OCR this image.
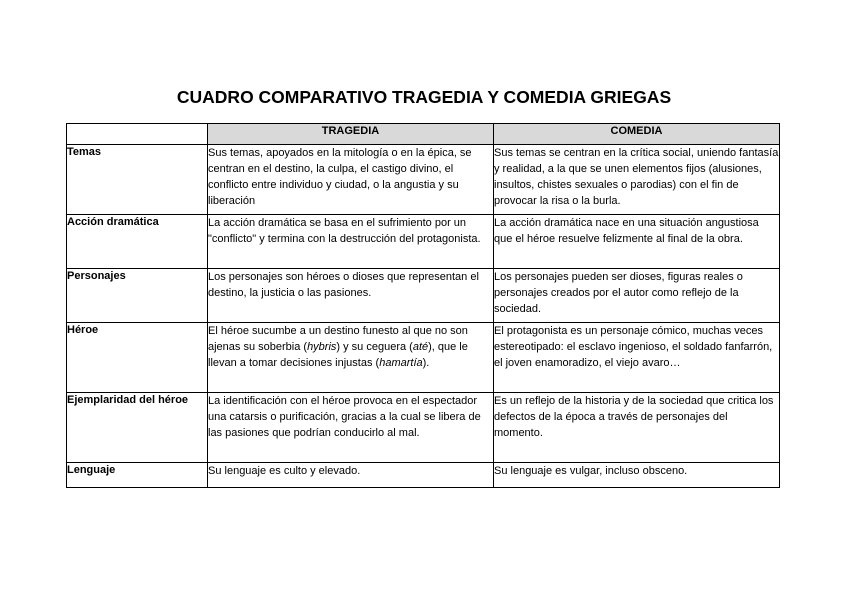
CUADRO COMPARATIVO TRAGEDIA Y COMEDIA GRIEGAS
	TRAGEDIA	COMEDIA
Temas	Sus temas, apoyados en la mitología o en la épica, se centran en el destino, la culpa, el castigo divino, el conflicto entre individuo y ciudad, o la angustia y su liberación	Sus temas se centran en la crítica social, uniendo fantasía y realidad, a la que se unen elementos fijos (alusiones, insultos, chistes sexuales o parodias) con el fin de provocar la risa o la burla.
Acción dramática	La acción dramática se basa en el sufrimiento por un "conflicto" y termina con la destrucción del protagonista.	La acción dramática nace en una situación angustiosa que el héroe resuelve felizmente al final de la obra.
Personajes	Los personajes son héroes o dioses que representan el destino, la justicia o las pasiones.	Los personajes pueden ser dioses, figuras reales o personajes creados por el autor como reflejo de la sociedad.
Héroe	El héroe sucumbe a un destino funesto al que no son ajenas su soberbia (hybris) y su ceguera (até), que le llevan a tomar decisiones injustas (hamartía).	El protagonista es un personaje cómico, muchas veces estereotipado: el esclavo ingenioso, el soldado fanfarrón, el joven enamoradizo, el viejo avaro…
Ejemplaridad del héroe	La identificación con el héroe provoca en el espectador una catarsis o purificación, gracias a la cual se libera de las pasiones que podrían conducirlo al mal.	Es un reflejo de la historia y de la sociedad que critica los defectos de la época a través de personajes del momento.
Lenguaje	Su lenguaje es culto y elevado.	Su lenguaje es vulgar, incluso obsceno.
